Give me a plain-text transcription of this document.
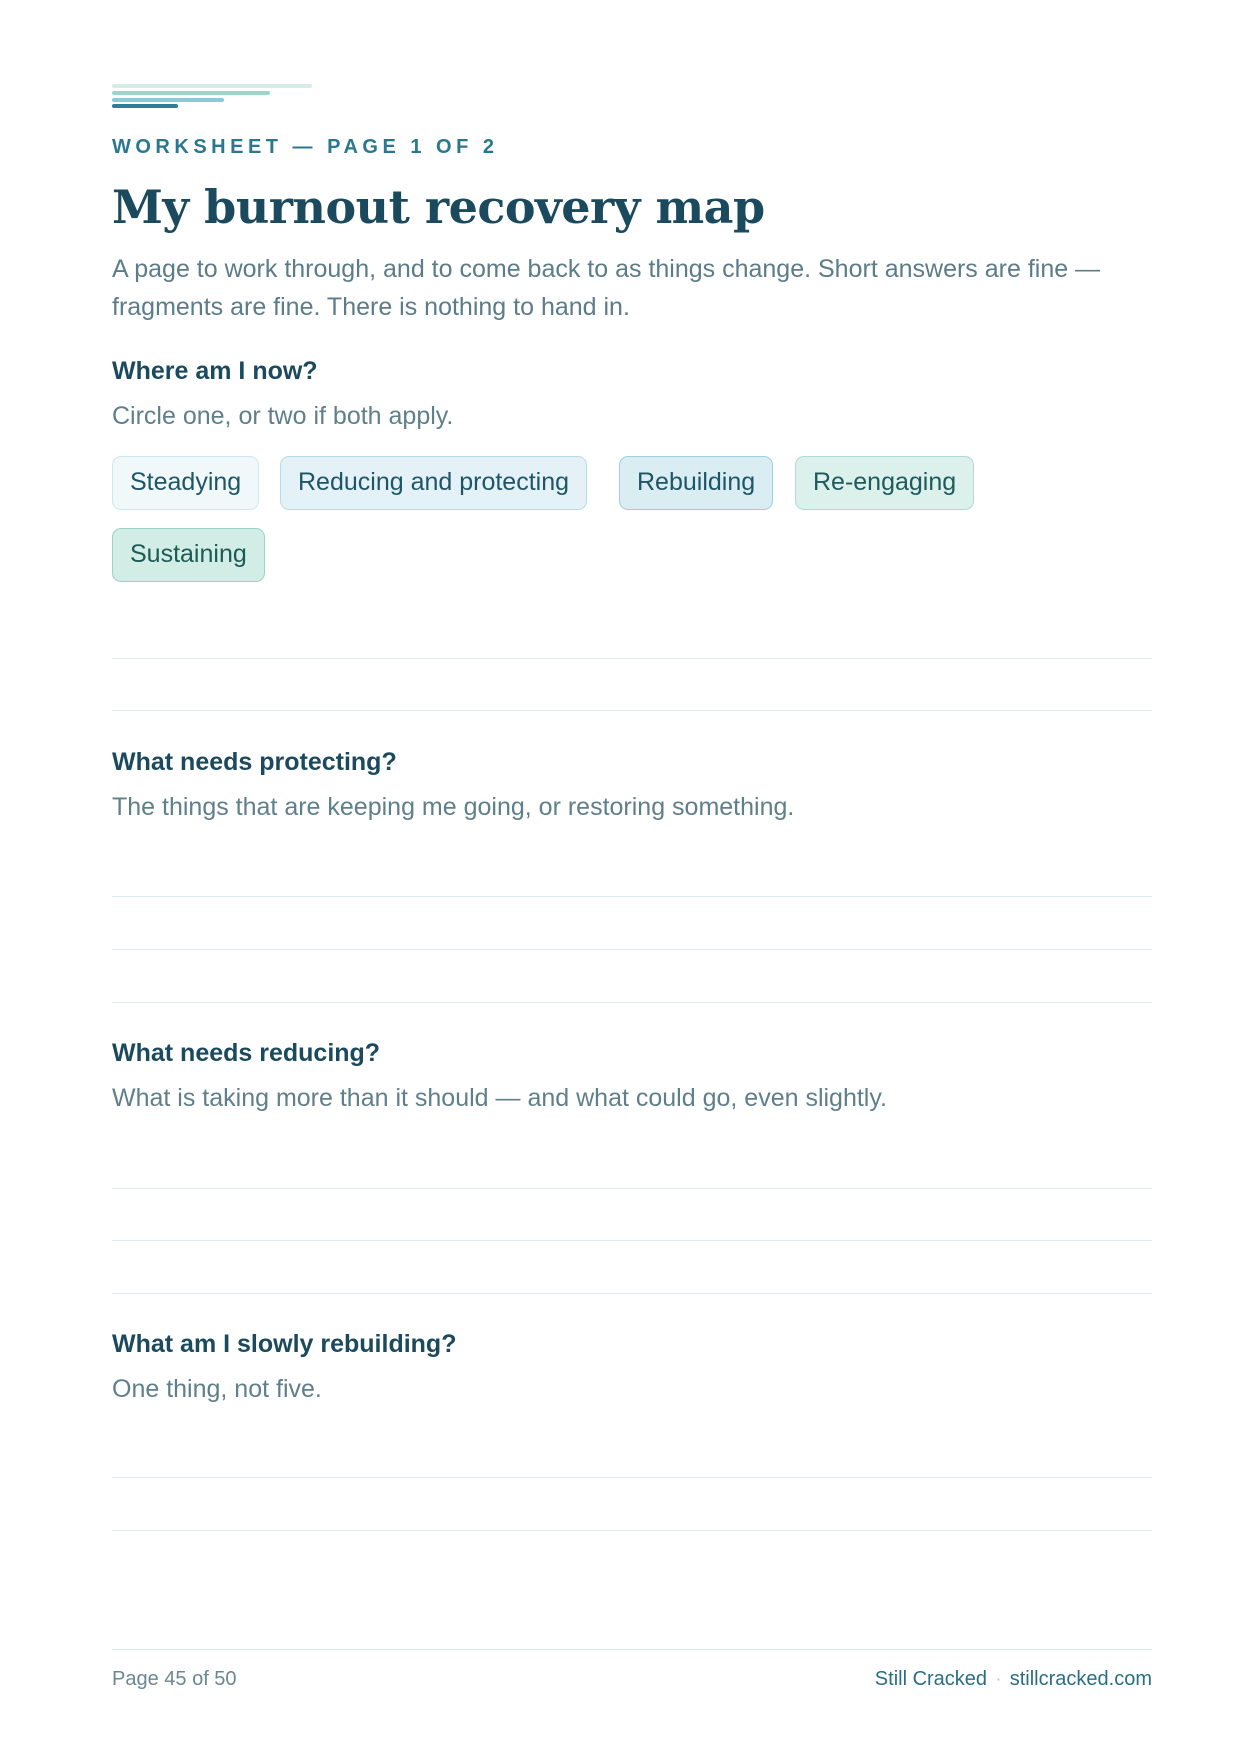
WORKSHEET — PAGE 1 OF 2
My burnout recovery map
A page to work through, and to come back to as things change. Short answers are fine — fragments are fine. There is nothing to hand in.
Where am I now?
Circle one, or two if both apply.
Steadying	Reducing and protecting	Rebuilding	Re-engaging
Sustaining
What needs protecting?
The things that are keeping me going, or restoring something.
What needs reducing?
What is taking more than it should — and what could go, even slightly.
What am I slowly rebuilding?
One thing, not five.
Page 45 of 50	Still Cracked · stillcracked.com
